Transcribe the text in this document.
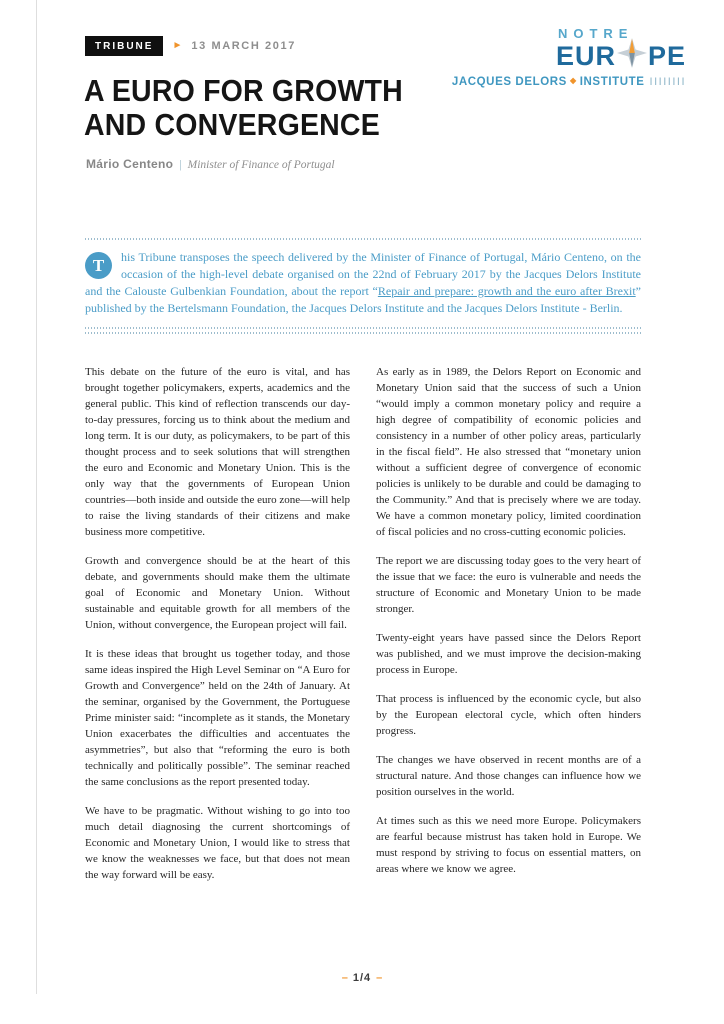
TRIBUNE	► 13 MARCH 2017
NOTRE
EUR PE
JACQUES DELORS ◆ INSTITUTE IIIIIIII
A EURO FOR GROWTH
AND CONVERGENCE
Mário Centeno | Minister of Finance of Portugal

T	his Tribune transposes the speech delivered by the Minister of Finance of Portugal, Mário Centeno, on the occasion of the high-level debate organised on the 22nd of February 2017 by the Jacques Delors Institute and the Calouste Gulbenkian Foundation, about the report “Repair and prepare: growth and the euro after Brexit” published by the Bertelsmann Foundation, the Jacques Delors Institute and the Jacques Delors Institute - Berlin.

This debate on the future of the euro is vital, and has brought together policymakers, experts, academics and the general public. This kind of reflection transcends our day-to-day pressures, forcing us to think about the medium and long term. It is our duty, as policymakers, to be part of this thought process and to seek solutions that will strengthen the euro and Economic and Monetary Union. This is the only way that the governments of European Union countries—both inside and outside the euro zone—will help to raise the living standards of their citizens and make business more competitive.

Growth and convergence should be at the heart of this debate, and governments should make them the ultimate goal of Economic and Monetary Union. Without sustainable and equitable growth for all members of the Union, without convergence, the European project will fail.

It is these ideas that brought us together today, and those same ideas inspired the High Level Seminar on “A Euro for Growth and Convergence” held on the 24th of January. At the seminar, organised by the Government, the Portuguese Prime minister said: “incomplete as it stands, the Monetary Union exacerbates the difficulties and accentuates the asymmetries”, but also that “reforming the euro is both technically and politically possible”. The seminar reached the same conclusions as the report presented today.

We have to be pragmatic. Without wishing to go into too much detail diagnosing the current shortcomings of Economic and Monetary Union, I would like to stress that we know the weaknesses we face, but that does not mean the way forward will be easy.

As early as in 1989, the Delors Report on Economic and Monetary Union said that the success of such a Union “would imply a common monetary policy and require a high degree of compatibility of economic policies and consistency in a number of other policy areas, particularly in the fiscal field”. He also stressed that “monetary union without a sufficient degree of convergence of economic policies is unlikely to be durable and could be damaging to the Community.” And that is precisely where we are today. We have a common monetary policy, limited coordination of fiscal policies and no cross-cutting economic policies.

The report we are discussing today goes to the very heart of the issue that we face: the euro is vulnerable and needs the structure of Economic and Monetary Union to be made stronger.

Twenty-eight years have passed since the Delors Report was published, and we must improve the decision-making process in Europe.

That process is influenced by the economic cycle, but also by the European electoral cycle, which often hinders progress.

The changes we have observed in recent months are of a structural nature. And those changes can influence how we position ourselves in the world.

At times such as this we need more Europe. Policymakers are fearful because mistrust has taken hold in Europe. We must respond by striving to focus on essential matters, on areas where we know we agree.

– 1/4 –
